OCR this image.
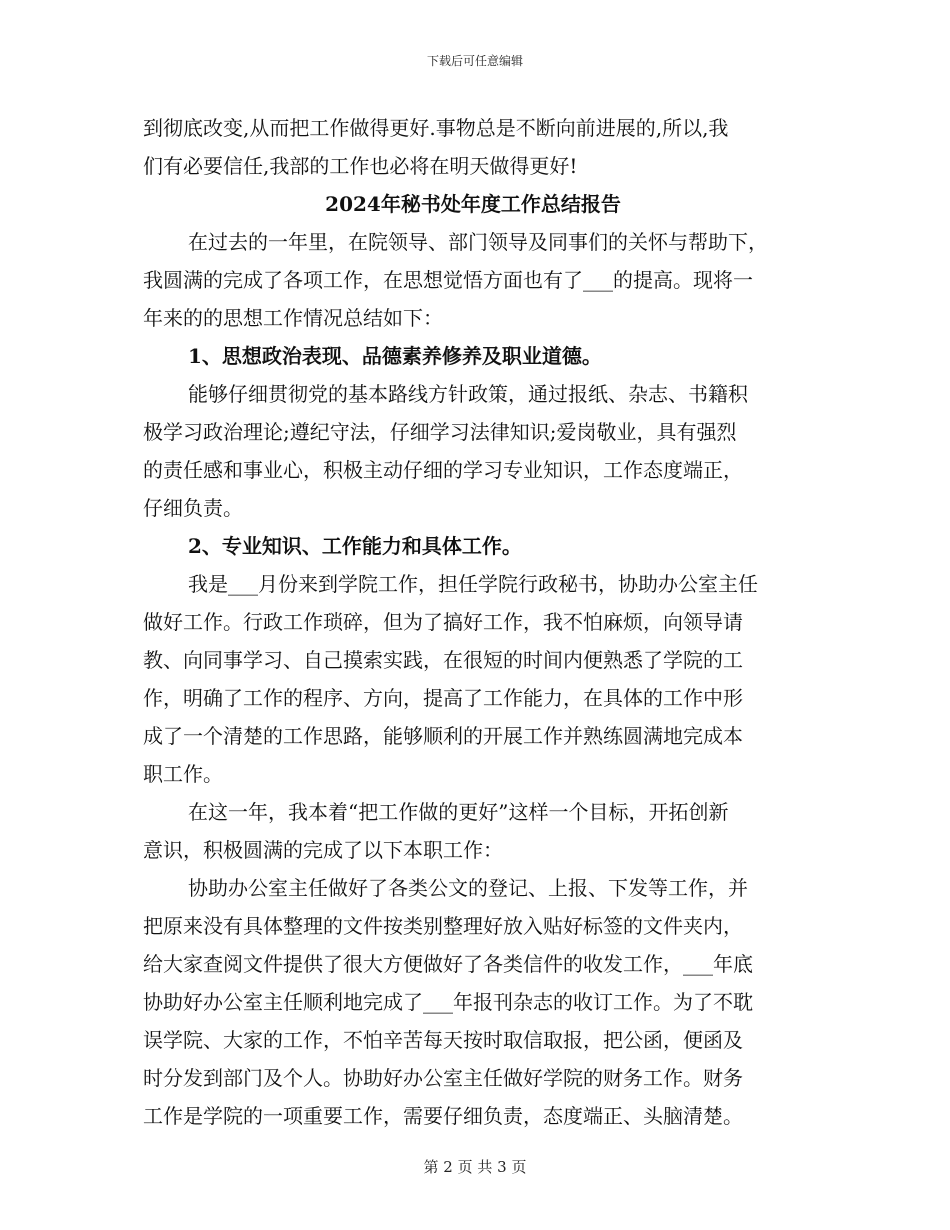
下载后可任意编辑
到彻底改变,从而把工作做得更好.事物总是不断向前进展的,所以,我
们有必要信任,我部的工作也必将在明天做得更好!
2024年秘书处年度工作总结报告
在过去的一年里，在院领导、部门领导及同事们的关怀与帮助下，
我圆满的完成了各项工作，在思想觉悟方面也有了___的提高。现将一
年来的的思想工作情况总结如下：
1、思想政治表现、品德素养修养及职业道德。
能够仔细贯彻党的基本路线方针政策，通过报纸、杂志、书籍积
极学习政治理论;遵纪守法，仔细学习法律知识;爱岗敬业，具有强烈
的责任感和事业心，积极主动仔细的学习专业知识，工作态度端正，
仔细负责。
2、专业知识、工作能力和具体工作。
我是___月份来到学院工作，担任学院行政秘书，协助办公室主任
做好工作。行政工作琐碎，但为了搞好工作，我不怕麻烦，向领导请
教、向同事学习、自己摸索实践，在很短的时间内便熟悉了学院的工
作，明确了工作的程序、方向，提高了工作能力，在具体的工作中形
成了一个清楚的工作思路，能够顺利的开展工作并熟练圆满地完成本
职工作。
在这一年，我本着“把工作做的更好”这样一个目标，开拓创新
意识，积极圆满的完成了以下本职工作：
协助办公室主任做好了各类公文的登记、上报、下发等工作，并
把原来没有具体整理的文件按类别整理好放入贴好标签的文件夹内，
给大家查阅文件提供了很大方便做好了各类信件的收发工作，___年底
协助好办公室主任顺利地完成了___年报刊杂志的收订工作。为了不耽
误学院、大家的工作，不怕辛苦每天按时取信取报，把公函，便函及
时分发到部门及个人。协助好办公室主任做好学院的财务工作。财务
工作是学院的一项重要工作，需要仔细负责，态度端正、头脑清楚。
第 2 页 共 3 页
